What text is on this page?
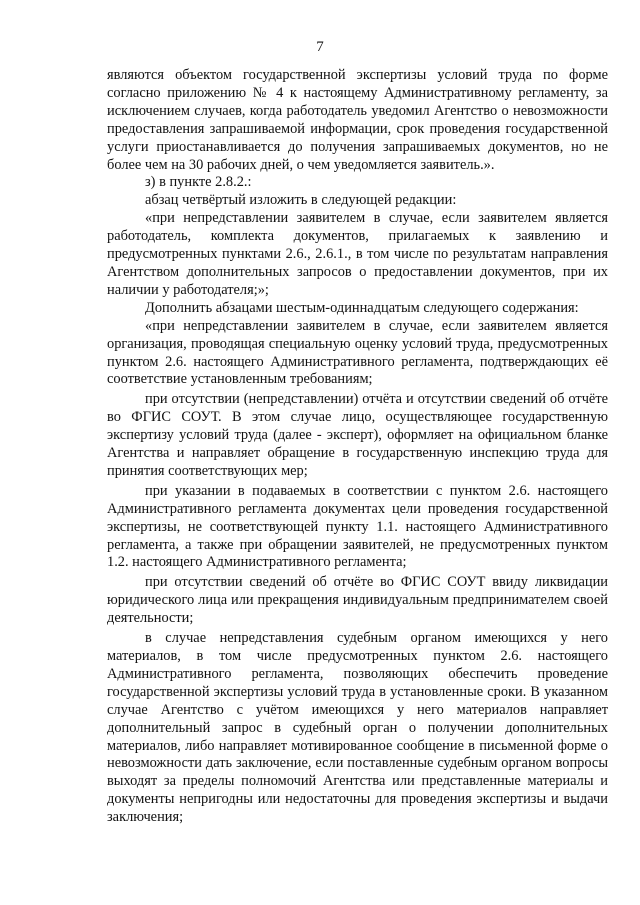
7

являются объектом государственной экспертизы условий труда по форме согласно приложению № 4 к настоящему Административному регламенту, за исключением случаев, когда работодатель уведомил Агентство о невозможности предоставления запрашиваемой информации, срок проведения государственной услуги приостанавливается до получения запрашиваемых документов, но не более чем на 30 рабочих дней, о чем уведомляется заявитель.».

з) в пункте 2.8.2.:

абзац четвёртый изложить в следующей редакции:

«при непредставлении заявителем в случае, если заявителем является работодатель, комплекта документов, прилагаемых к заявлению и предусмотренных пунктами 2.6., 2.6.1., в том числе по результатам направления Агентством дополнительных запросов о предоставлении документов, при их наличии у работодателя;»;

Дополнить абзацами шестым-одиннадцатым следующего содержания:

«при непредставлении заявителем в случае, если заявителем является организация, проводящая специальную оценку условий труда, предусмотренных пунктом 2.6. настоящего Административного регламента, подтверждающих её соответствие установленным требованиям;

при отсутствии (непредставлении) отчёта и отсутствии сведений об отчёте во ФГИС СОУТ. В этом случае лицо, осуществляющее государственную экспертизу условий труда (далее - эксперт), оформляет на официальном бланке Агентства и направляет обращение в государственную инспекцию труда для принятия соответствующих мер;

при указании в подаваемых в соответствии с пунктом 2.6. настоящего Административного регламента документах цели проведения государственной экспертизы, не соответствующей пункту 1.1. настоящего Административного регламента, а также при обращении заявителей, не предусмотренных пунктом 1.2. настоящего Административного регламента;

при отсутствии сведений об отчёте во ФГИС СОУТ ввиду ликвидации юридического лица или прекращения индивидуальным предпринимателем своей деятельности;

в случае непредставления судебным органом имеющихся у него материалов, в том числе предусмотренных пунктом 2.6. настоящего Административного регламента, позволяющих обеспечить проведение государственной экспертизы условий труда в установленные сроки. В указанном случае Агентство с учётом имеющихся у него материалов направляет дополнительный запрос в судебный орган о получении дополнительных материалов, либо направляет мотивированное сообщение в письменной форме о невозможности дать заключение, если поставленные судебным органом вопросы выходят за пределы полномочий Агентства или представленные материалы и документы непригодны или недостаточны для проведения экспертизы и выдачи заключения;
